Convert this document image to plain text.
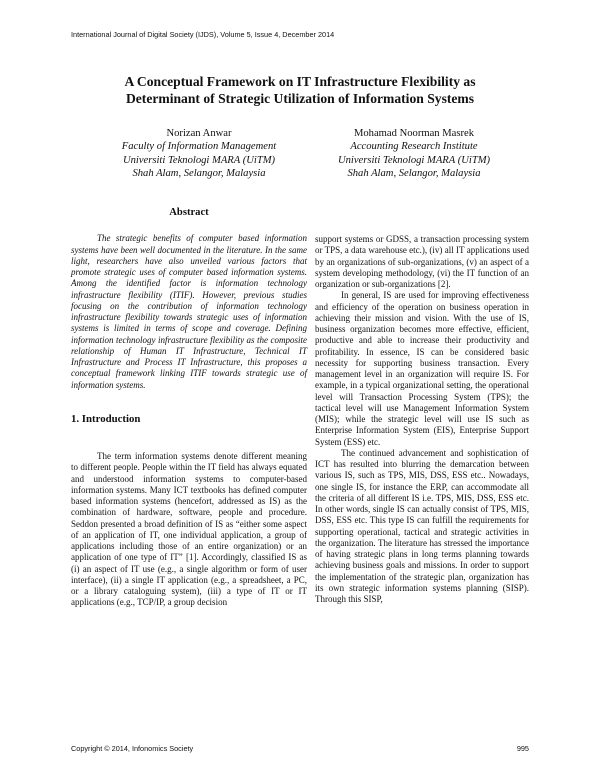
International Journal of Digital Society (IJDS), Volume 5, Issue 4, December 2014
A Conceptual Framework on IT Infrastructure Flexibility as
Determinant of Strategic Utilization of Information Systems
Norizan Anwar
Faculty of Information Management
Universiti Teknologi MARA (UiTM)
Shah Alam, Selangor, Malaysia
Mohamad Noorman Masrek
Accounting Research Institute
Universiti Teknologi MARA (UiTM)
Shah Alam, Selangor, Malaysia
Abstract

The strategic benefits of computer based information systems have been well documented in the literature. In the same light, researchers have also unveiled various factors that promote strategic uses of computer based information systems. Among the identified factor is information technology infrastructure flexibility (ITIF). However, previous studies focusing on the contribution of information technology infrastructure flexibility towards strategic uses of information systems is limited in terms of scope and coverage. Defining information technology infrastructure flexibility as the composite relationship of Human IT Infrastructure, Technical IT Infrastructure and Process IT Infrastructure, this proposes a conceptual framework linking ITIF towards strategic use of information systems.

1. Introduction

The term information systems denote different meaning to different people. People within the IT field has always equated and understood information systems to computer-based information systems. Many ICT textbooks has defined computer based information systems (hencefort, addressed as IS) as the combination of hardware, software, people and procedure. Seddon presented a broad definition of IS as “either some aspect of an application of IT, one individual application, a group of applications including those of an entire organization) or an application of one type of IT” [1]. Accordingly, classified IS as (i) an aspect of IT use (e.g., a single algorithm or form of user interface), (ii) a single IT application (e.g., a spreadsheet, a PC, or a library cataloguing system), (iii) a type of IT or IT applications (e.g., TCP/IP, a group decision

support systems or GDSS, a transaction processing system or TPS, a data warehouse etc.), (iv) all IT applications used by an organizations of sub-organizations, (v) an aspect of a system developing methodology, (vi) the IT function of an organization or sub-organizations [2].

In general, IS are used for improving effectiveness and efficiency of the operation on business operation in achieving their mission and vision. With the use of IS, business organization becomes more effective, efficient, productive and able to increase their productivity and profitability. In essence, IS can be considered basic necessity for supporting business transaction. Every management level in an organization will require IS. For example, in a typical organizational setting, the operational level will Transaction Processing System (TPS); the tactical level will use Management Information System (MIS); while the strategic level will use IS such as Enterprise Information System (EIS), Enterprise Support System (ESS) etc.

The continued advancement and sophistication of ICT has resulted into blurring the demarcation between various IS, such as TPS, MIS, DSS, ESS etc.. Nowadays, one single IS, for instance the ERP, can accommodate all the criteria of all different IS i.e. TPS, MIS, DSS, ESS etc. In other words, single IS can actually consist of TPS, MIS, DSS, ESS etc. This type IS can fulfill the requirements for supporting operational, tactical and strategic activities in the organization. The literature has stressed the importance of having strategic plans in long terms planning towards achieving business goals and missions. In order to support the implementation of the strategic plan, organization has its own strategic information systems planning (SISP). Through this SISP,

Copyright © 2014, Infonomics Society	995
